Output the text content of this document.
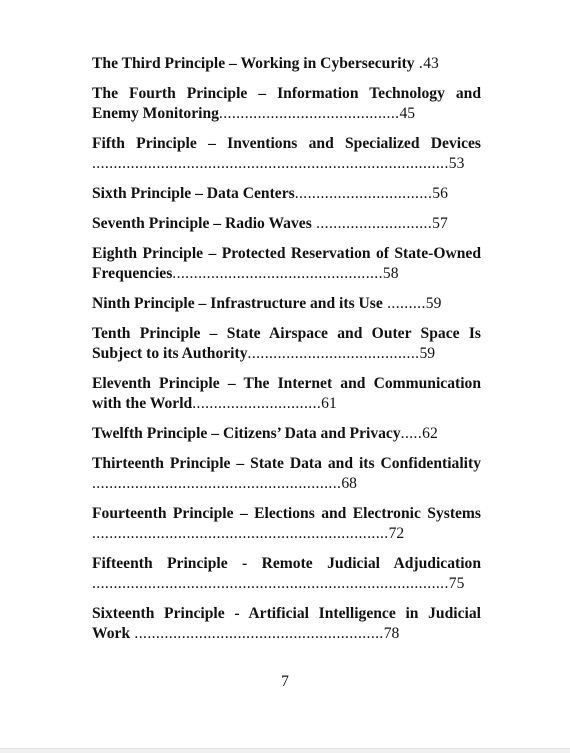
The Third Principle – Working in Cybersecurity .43
The Fourth Principle – Information Technology and Enemy Monitoring..........................................45
Fifth Principle – Inventions and Specialized Devices ...................................................................................53
Sixth Principle – Data Centers................................56
Seventh Principle – Radio Waves ...........................57
Eighth Principle – Protected Reservation of State-Owned Frequencies.................................................58
Ninth Principle – Infrastructure and its Use .........59
Tenth Principle – State Airspace and Outer Space Is Subject to its Authority........................................59
Eleventh Principle – The Internet and Communication with the World..............................61
Twelfth Principle – Citizens’ Data and Privacy.....62
Thirteenth Principle – State Data and its Confidentiality ..........................................................68
Fourteenth Principle – Elections and Electronic Systems .....................................................................72
Fifteenth Principle - Remote Judicial Adjudication ...................................................................................75
Sixteenth Principle - Artificial Intelligence in Judicial Work ..........................................................78
7
